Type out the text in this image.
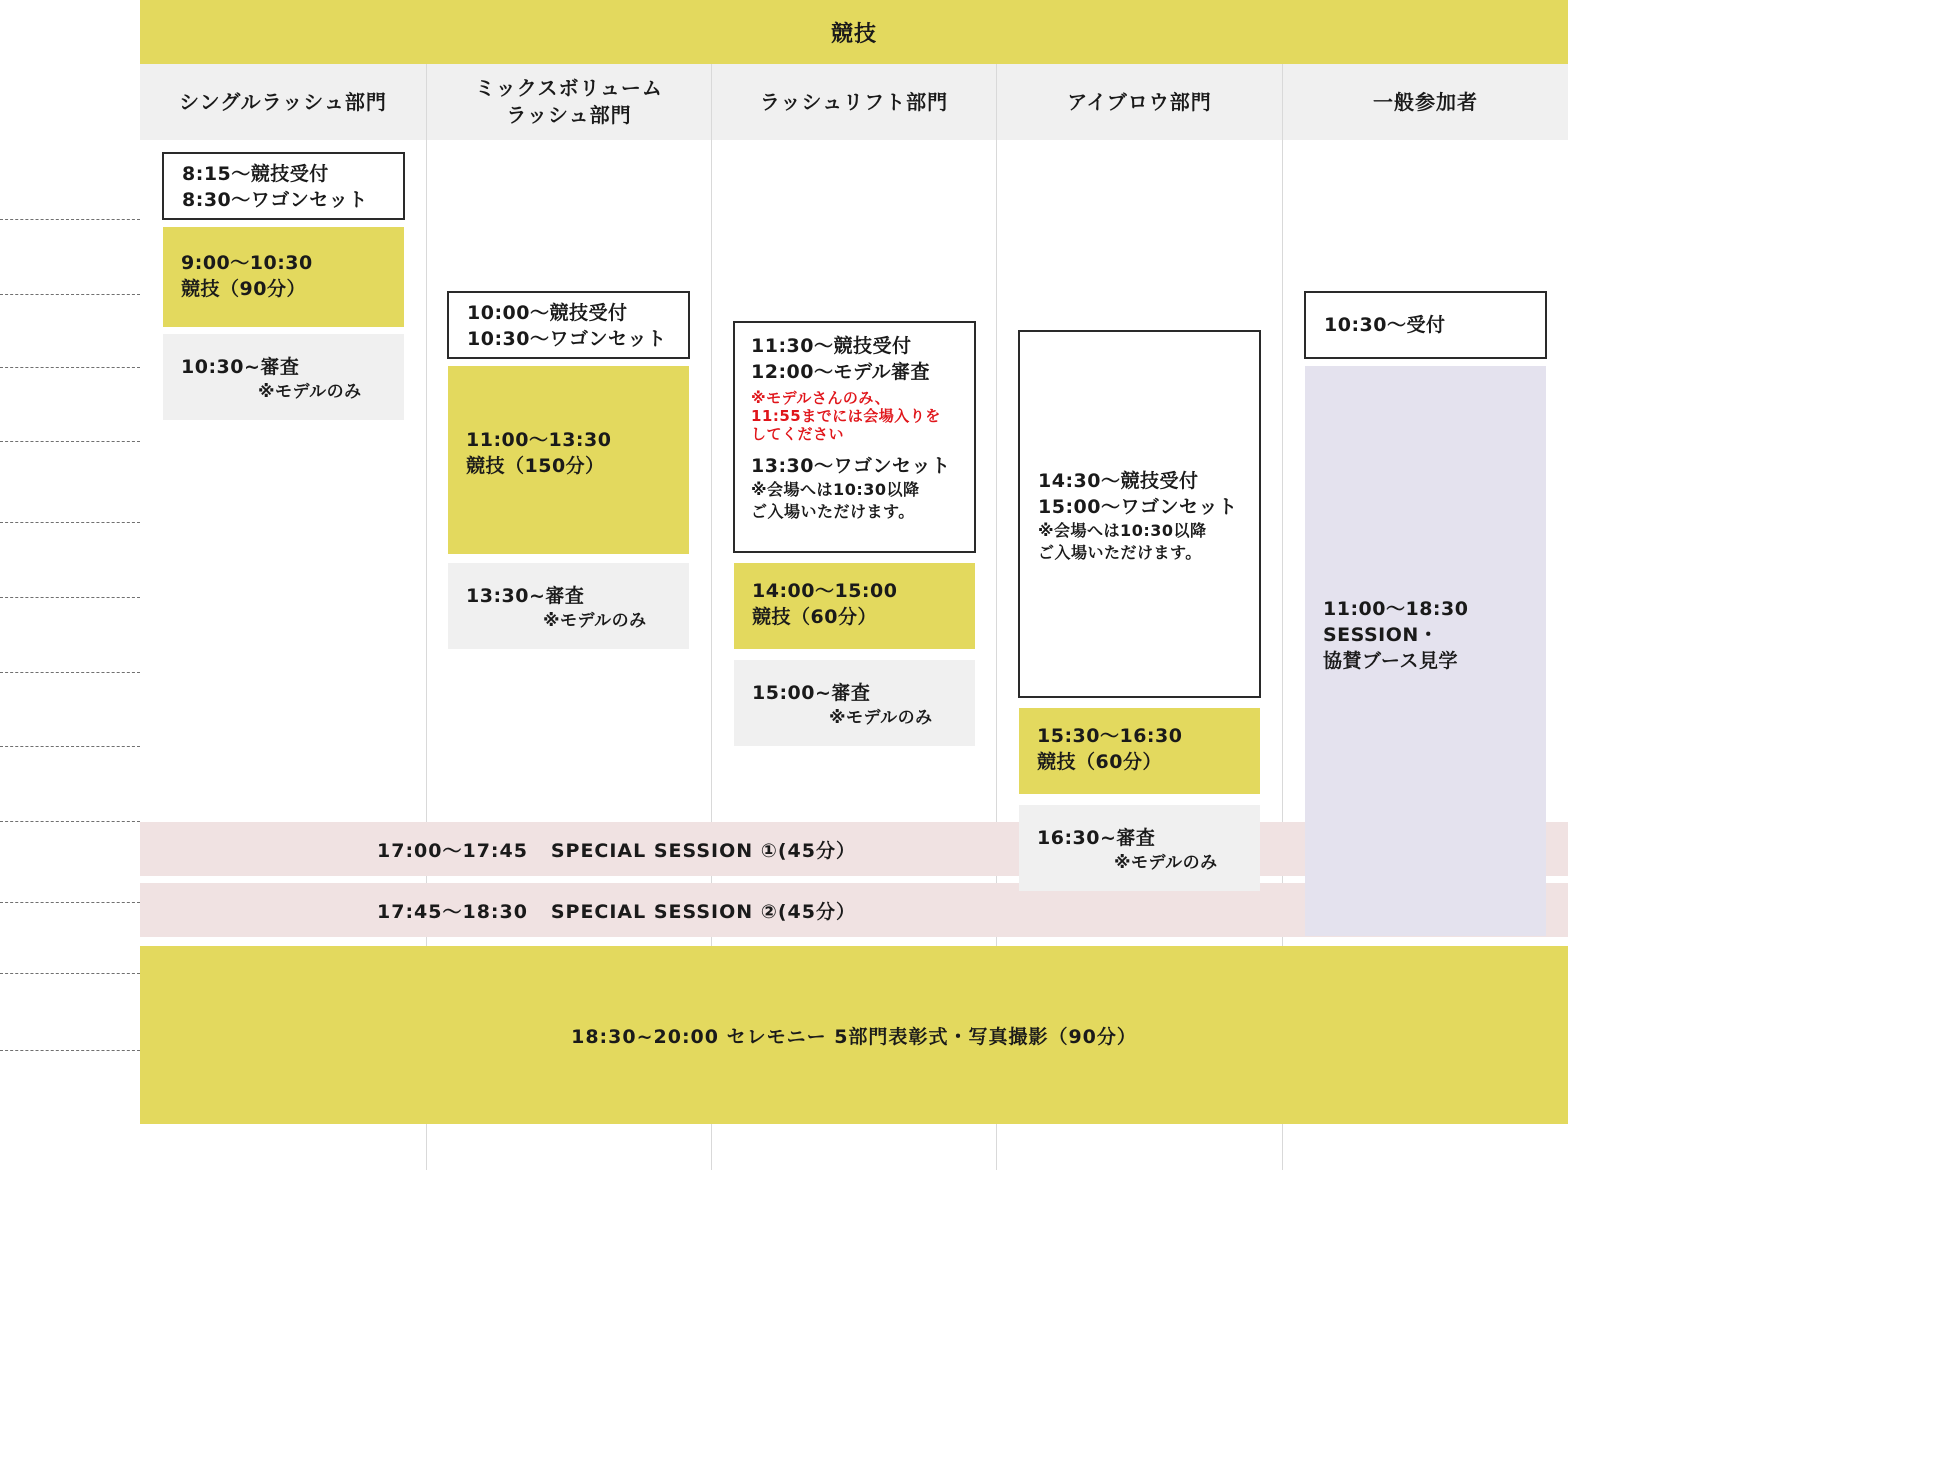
競技
シングルラッシュ部門
ミックスボリューム
ラッシュ部門
ラッシュリフト部門	アイブロウ部門	一般参加者
8:15～競技受付
8:30～ワゴンセット
9:00～10:30
競技（90分）
10:30~審査
※モデルのみ
10:00～競技受付
10:30～ワゴンセット
11:00～13:30
競技（150分）
13:30~審査
※モデルのみ
11:30～競技受付
12:00～モデル審査
※モデルさんのみ、
11:55までには会場入りを
してください
13:30～ワゴンセット
※会場へは10:30以降
ご入場いただけます。
14:00～15:00
競技（60分）
15:00~審査
※モデルのみ
17:00～17:45
SPECIAL SESSION ①(45分）
17:45～18:30
SPECIAL SESSION ②(45分）
14:30～競技受付
15:00～ワゴンセット
※会場へは10:30以降
ご入場いただけます。
15:30～16:30
競技（60分）
16:30~審査
※モデルのみ
10:30～受付
11:00～18:30
SESSION・
協賛ブース見学
18:30~20:00 セレモニー 5部門表彰式・写真撮影（90分）
